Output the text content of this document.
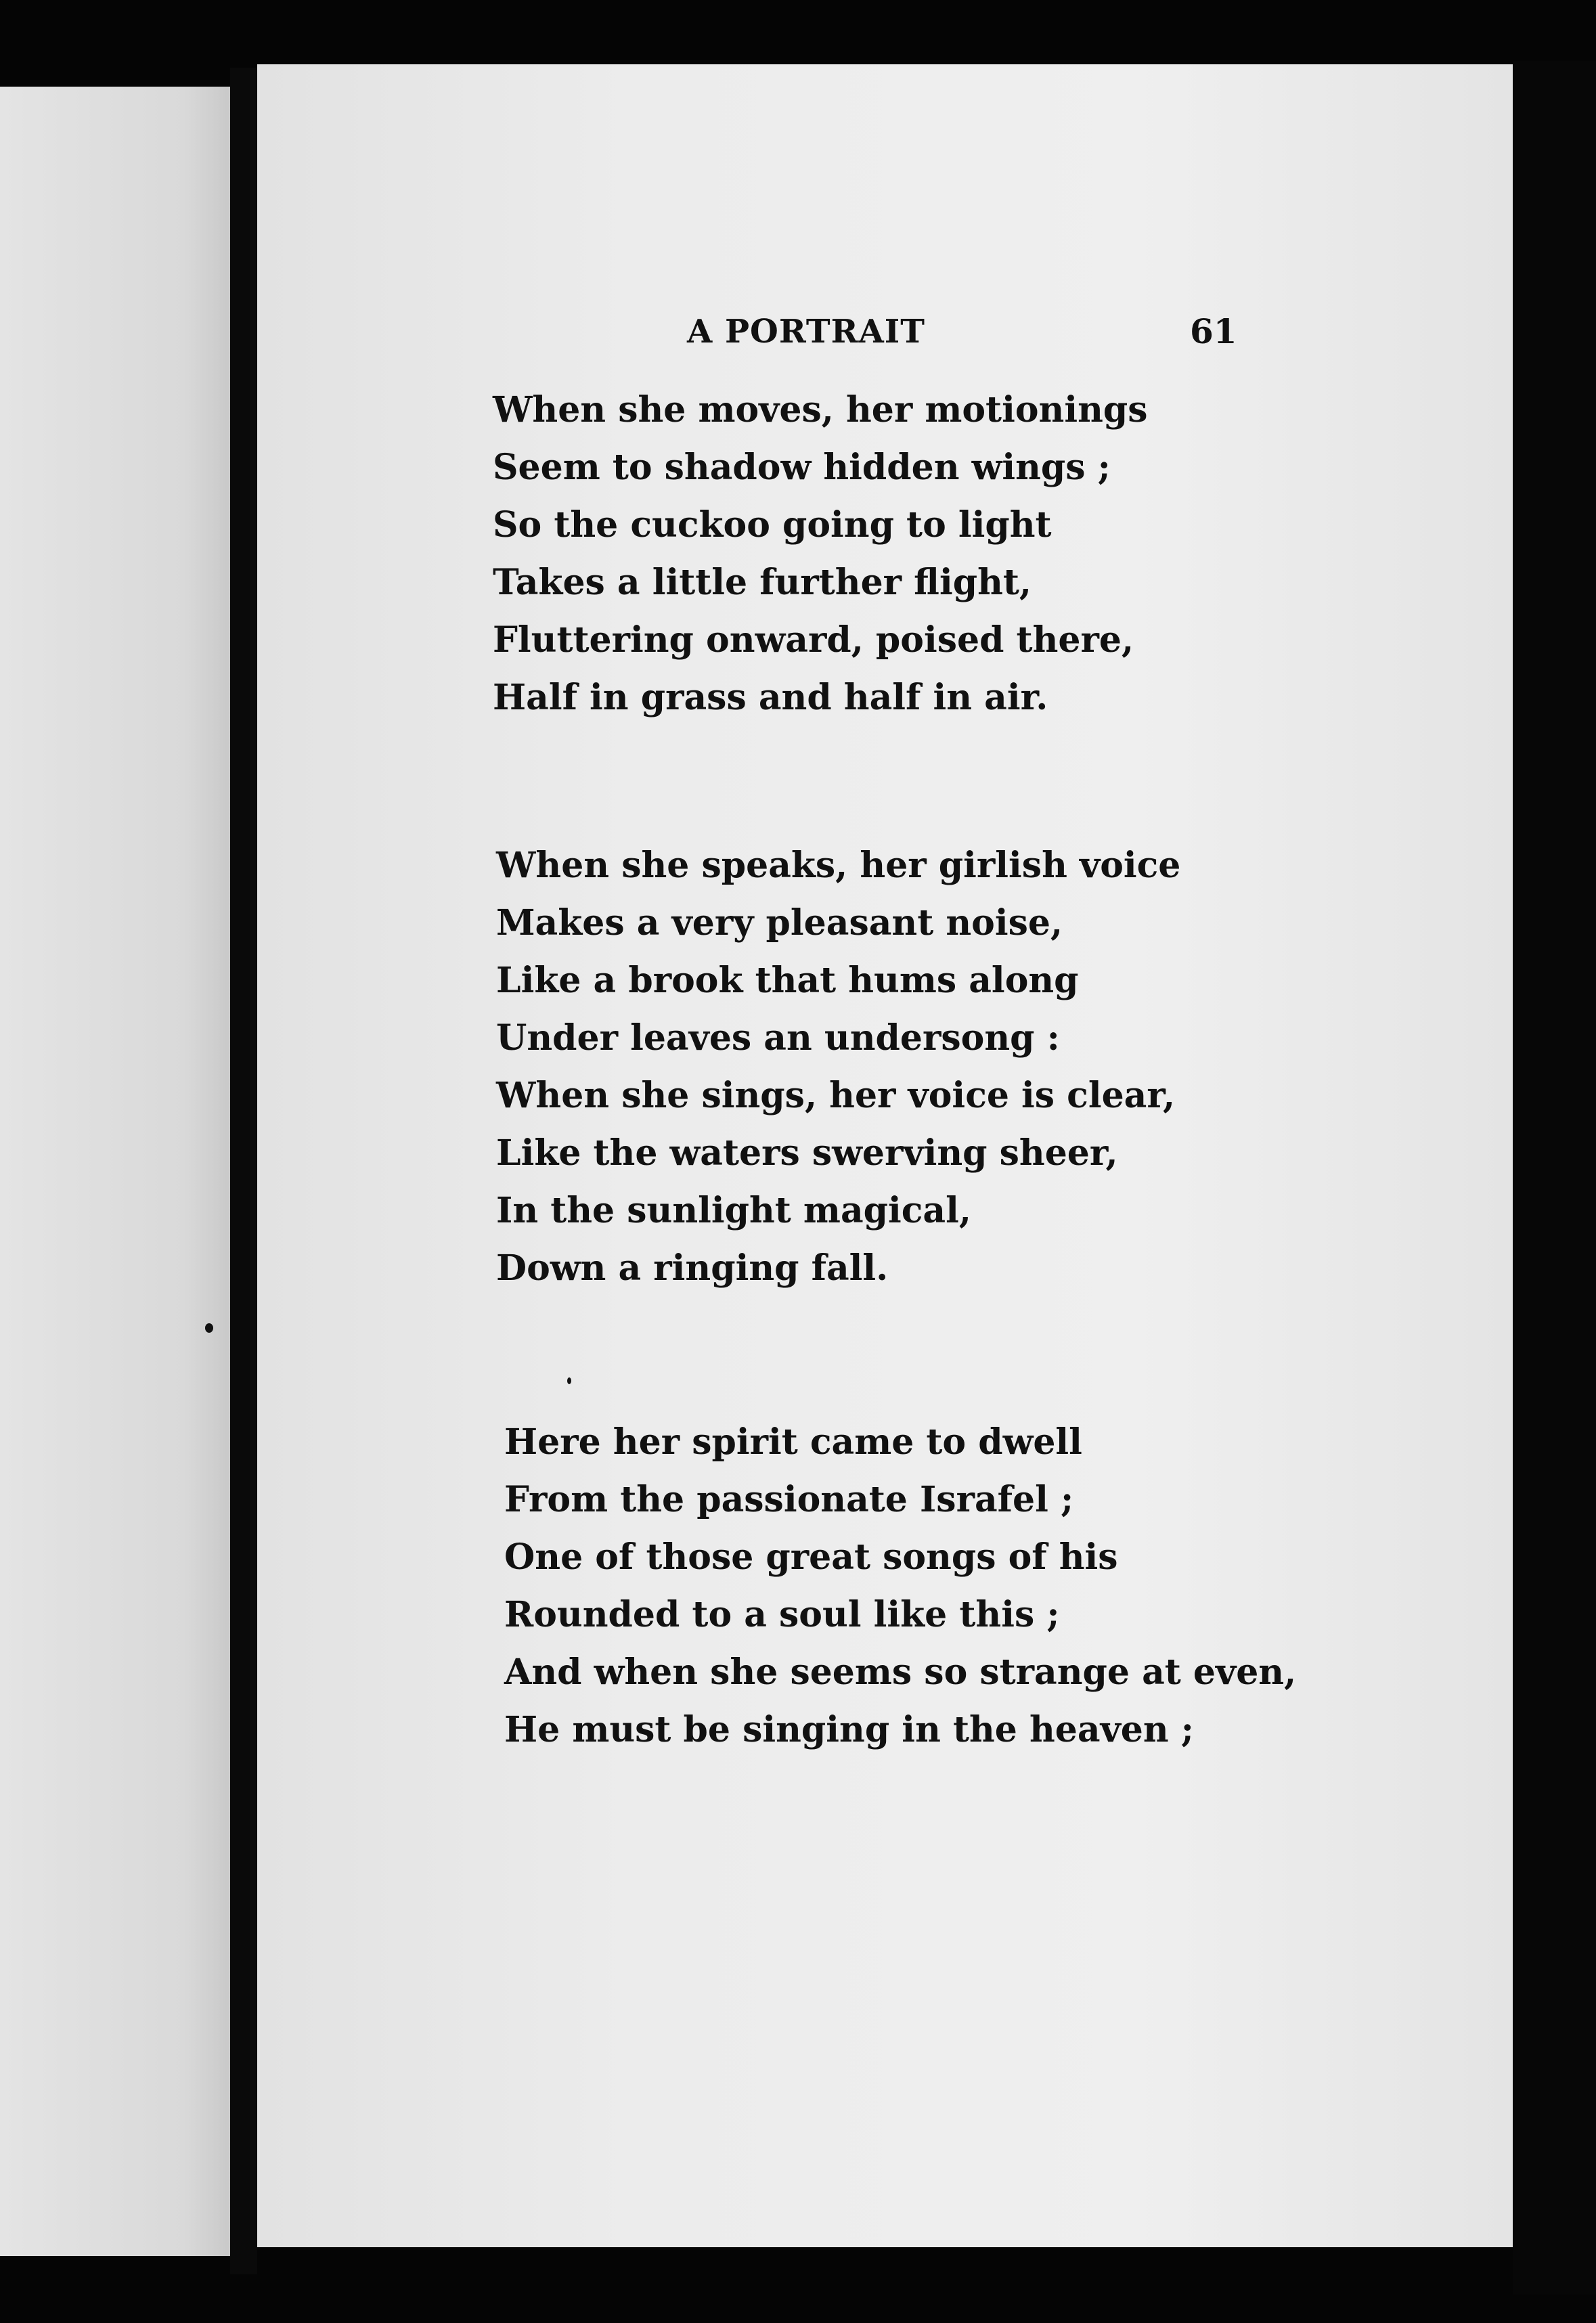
A PORTRAIT	61
When she moves, her motionings
Seem to shadow hidden wings ;
So the cuckoo going to light
Takes a little further flight,
Fluttering onward, poised there,
Half in grass and half in air.
When she speaks, her girlish voice
Makes a very pleasant noise,
Like a brook that hums along
Under leaves an undersong :
When she sings, her voice is clear,
Like the waters swerving sheer,
In the sunlight magical,
Down a ringing fall.
Here her spirit came to dwell
From the passionate Israfel ;
One of those great songs of his
Rounded to a soul like this ;
And when she seems so strange at even,
He must be singing in the heaven ;
